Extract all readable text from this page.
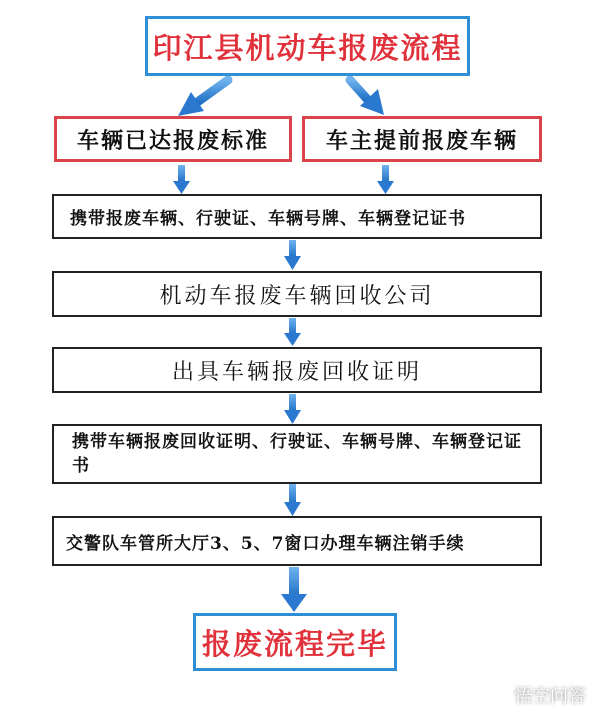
印江县机动车报废流程
车辆已达报废标准	车主提前报废车辆
携带报废车辆、行驶证、车辆号牌、车辆登记证书
机动车报废车辆回收公司
出具车辆报废回收证明
携带车辆报废回收证明、行驶证、车辆号牌、车辆登记证书
交警队车管所大厅3、5、7窗口办理车辆注销手续
报废流程完毕
悟空问答
